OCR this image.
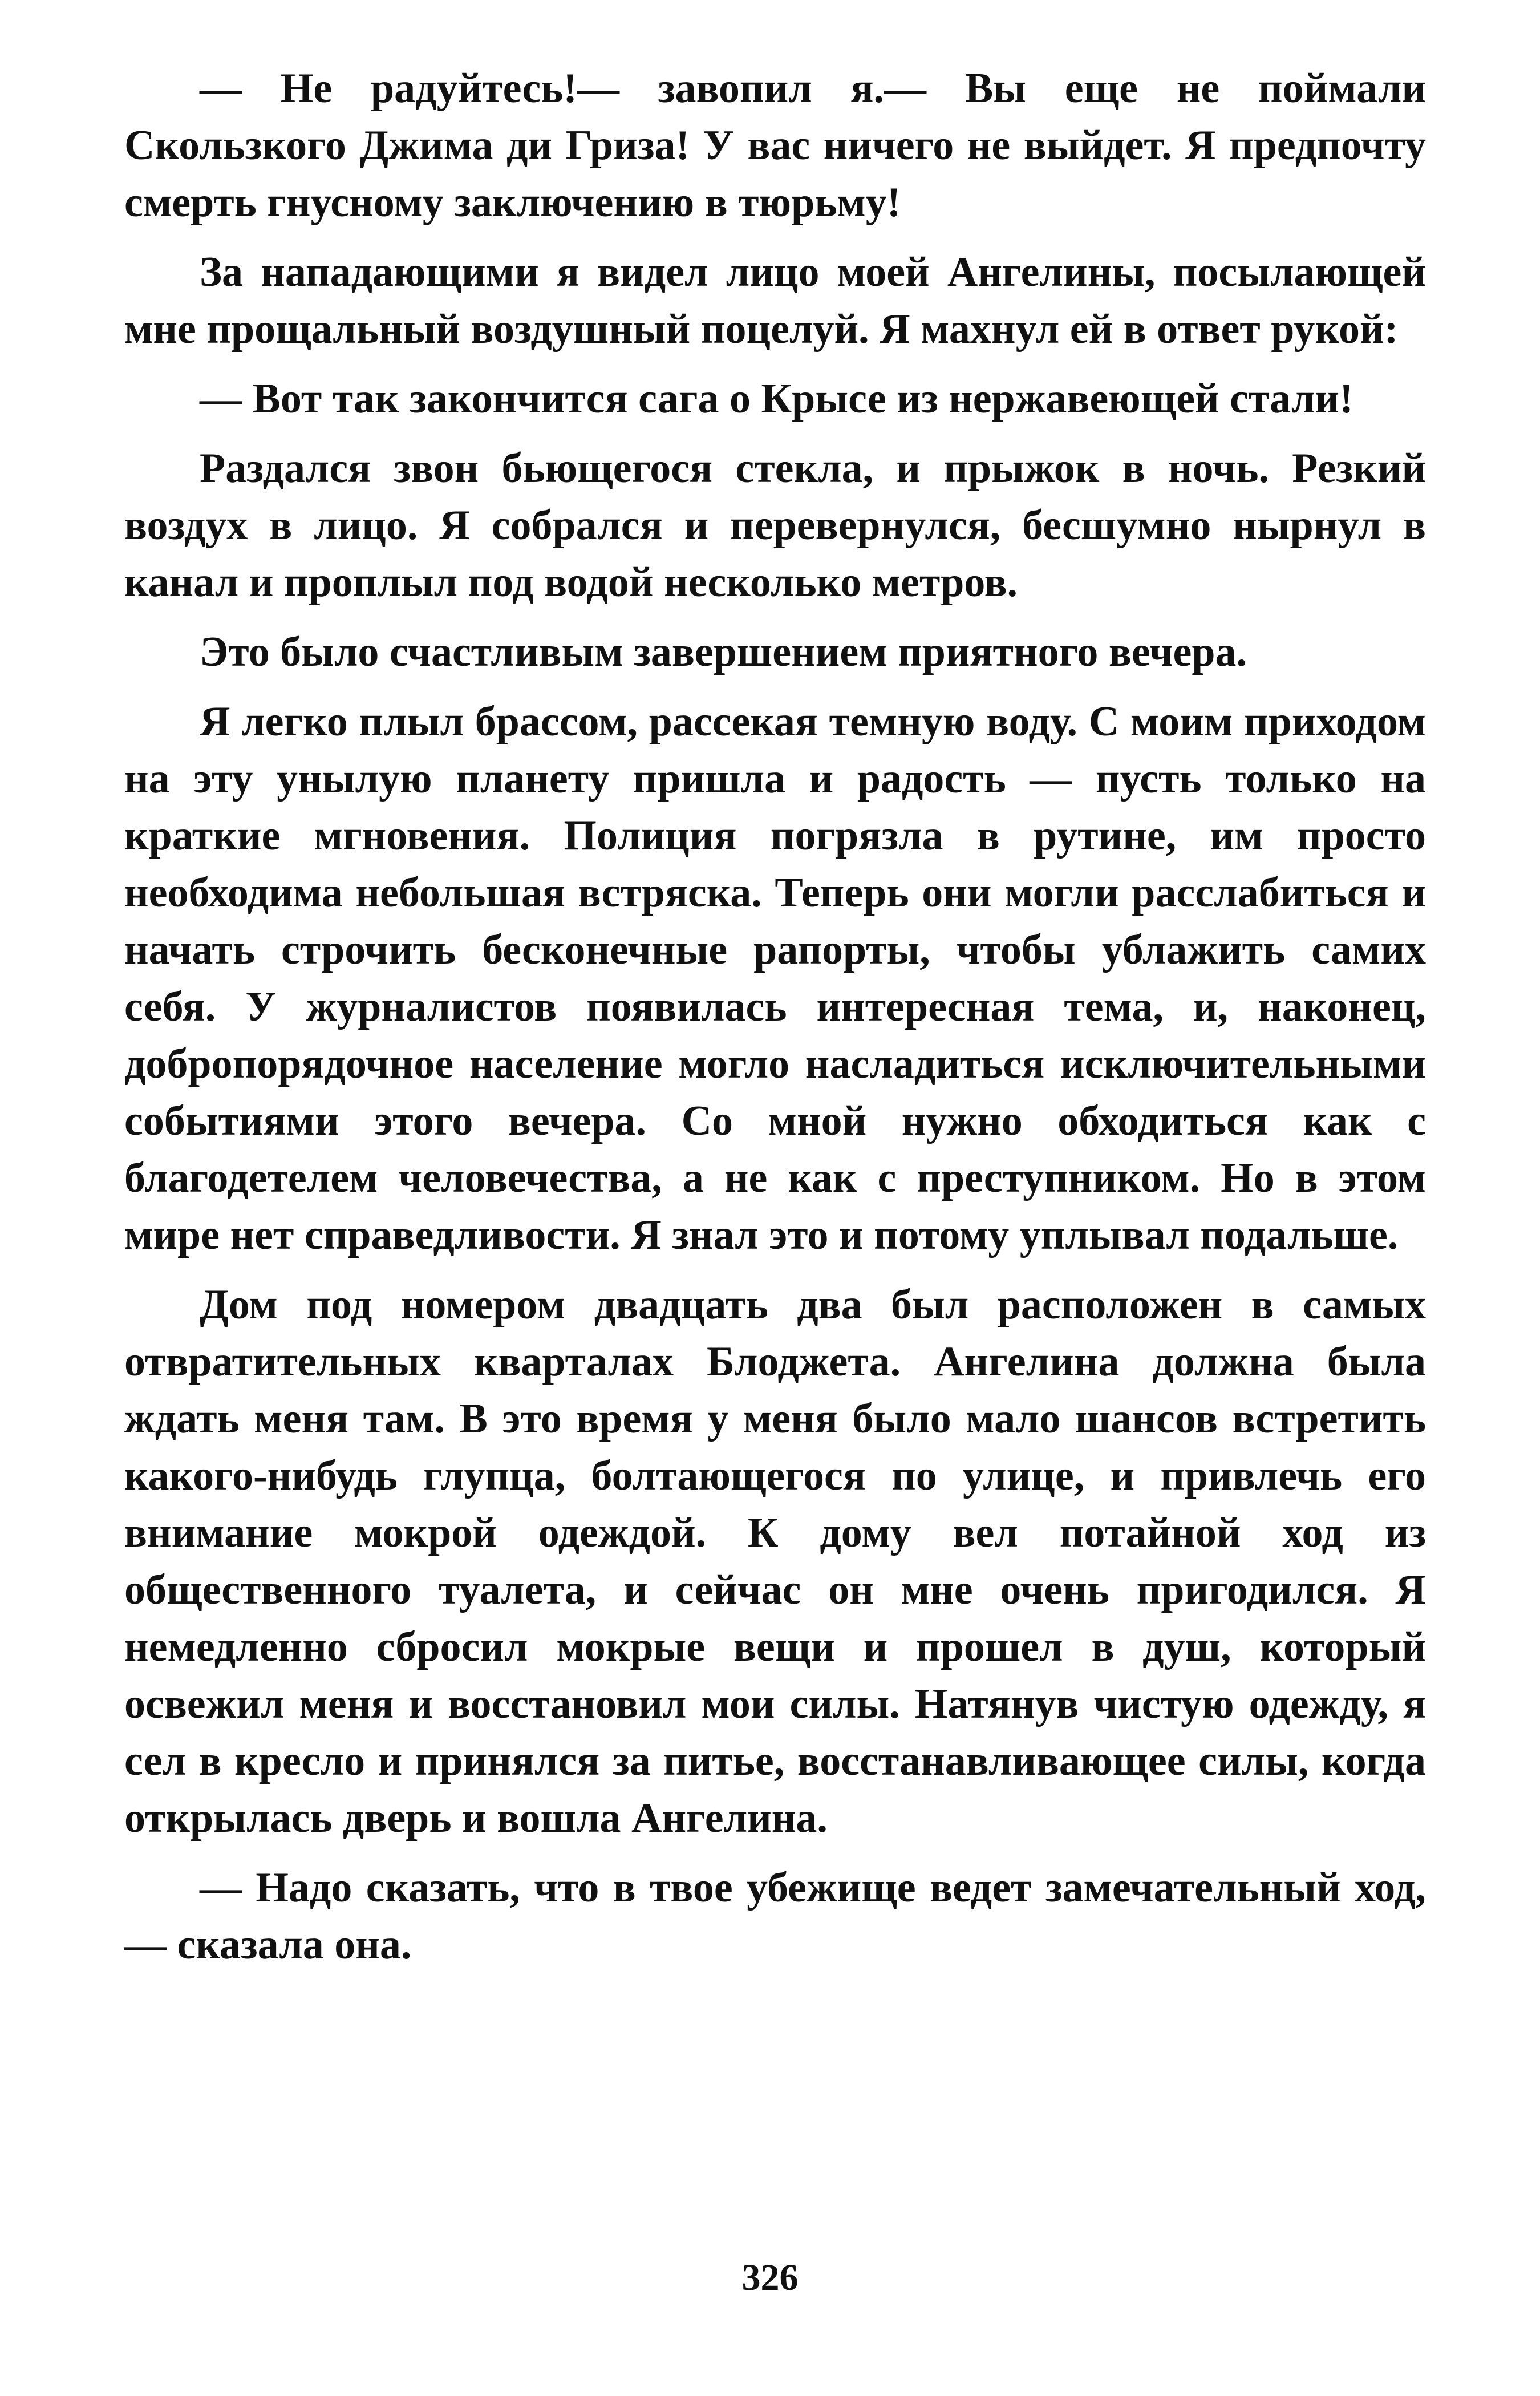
— Не радуйтесь!— завопил я.— Вы еще не поймали Скользкого Джима ди Гриза! У вас ничего не выйдет. Я предпочту смерть гнусному заключению в тюрьму!

За нападающими я видел лицо моей Ангелины, посылающей мне прощальный воздушный поцелуй. Я махнул ей в ответ рукой:

— Вот так закончится сага о Крысе из нержавеющей стали!

Раздался звон бьющегося стекла, и прыжок в ночь. Резкий воздух в лицо. Я собрался и перевернулся, бесшумно нырнул в канал и проплыл под водой несколько метров.

Это было счастливым завершением приятного вечера.

Я легко плыл брассом, рассекая темную воду. С моим приходом на эту унылую планету пришла и радость — пусть только на краткие мгновения. Полиция погрязла в рутине, им просто необходима небольшая встряска. Теперь они могли расслабиться и начать строчить бесконечные рапорты, чтобы ублажить самих себя. У журналистов появилась интересная тема, и, наконец, добропорядочное население могло насладиться исключительными событиями этого вечера. Со мной нужно обходиться как с благодетелем человечества, а не как с преступником. Но в этом мире нет справедливости. Я знал это и потому уплывал подальше.

Дом под номером двадцать два был расположен в самых отвратительных кварталах Блоджета. Ангелина должна была ждать меня там. В это время у меня было мало шансов встретить какого-нибудь глупца, болтающегося по улице, и привлечь его внимание мокрой одеждой. К дому вел потайной ход из общественного туалета, и сейчас он мне очень пригодился. Я немедленно сбросил мокрые вещи и прошел в душ, который освежил меня и восстановил мои силы. Натянув чистую одежду, я сел в кресло и принялся за питье, восстанавливающее силы, когда открылась дверь и вошла Ангелина.

— Надо сказать, что в твое убежище ведет замечательный ход, — сказала она.

326
